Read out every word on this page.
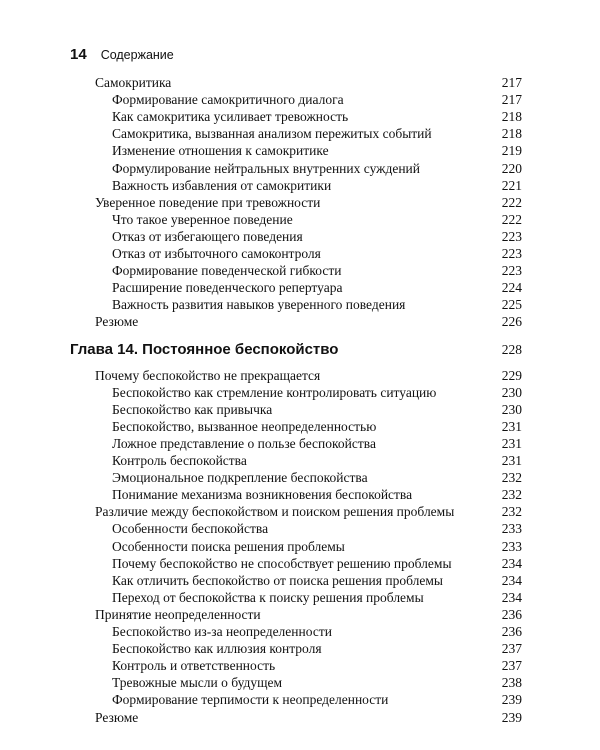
14 Содержание
Самокритика	217
Формирование самокритичного диалога	217
Как самокритика усиливает тревожность	218
Самокритика, вызванная анализом пережитых событий	218
Изменение отношения к самокритике	219
Формулирование нейтральных внутренних суждений	220
Важность избавления от самокритики	221
Уверенное поведение при тревожности	222
Что такое уверенное поведение	222
Отказ от избегающего поведения	223
Отказ от избыточного самоконтроля	223
Формирование поведенческой гибкости	223
Расширение поведенческого репертуара	224
Важность развития навыков уверенного поведения	225
Резюме	226
Глава 14. Постоянное беспокойство	228
Почему беспокойство не прекращается	229
Беспокойство как стремление контролировать ситуацию	230
Беспокойство как привычка	230
Беспокойство, вызванное неопределенностью	231
Ложное представление о пользе беспокойства	231
Контроль беспокойства	231
Эмоциональное подкрепление беспокойства	232
Понимание механизма возникновения беспокойства	232
Различие между беспокойством и поиском решения проблемы	232
Особенности беспокойства	233
Особенности поиска решения проблемы	233
Почему беспокойство не способствует решению проблемы	234
Как отличить беспокойство от поиска решения проблемы	234
Переход от беспокойства к поиску решения проблемы	234
Принятие неопределенности	236
Беспокойство из-за неопределенности	236
Беспокойство как иллюзия контроля	237
Контроль и ответственность	237
Тревожные мысли о будущем	238
Формирование терпимости к неопределенности	239
Резюме	239
